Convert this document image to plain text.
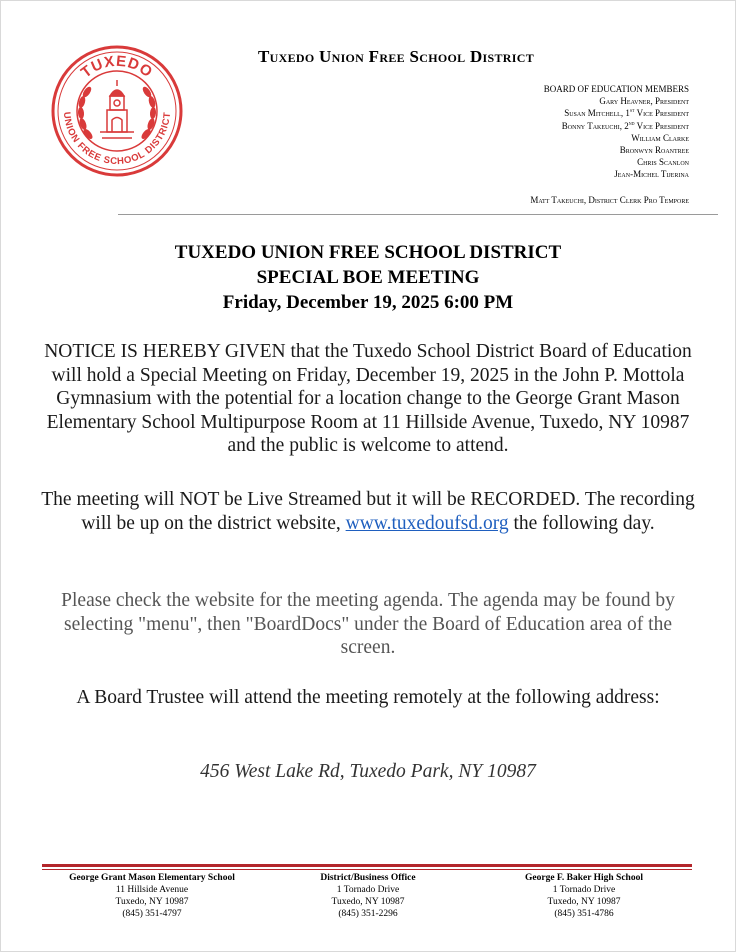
TUXEDO
UNION FREE SCHOOL DISTRICT
Tuxedo Union Free School District
BOARD OF EDUCATION MEMBERS
Gary Heavner, President
Susan Mitchell, 1st Vice President
Bonny Takeuchi, 2nd Vice President
William Clarke
Bronwyn Roantree
Chris Scanlon
Jean-Michel Tijerina
Matt Takeuchi, District Clerk Pro Tempore
TUXEDO UNION FREE SCHOOL DISTRICT
SPECIAL BOE MEETING
Friday, December 19, 2025 6:00 PM
NOTICE IS HEREBY GIVEN that the Tuxedo School District Board of Education will hold a Special Meeting on Friday, December 19, 2025 in the John P. Mottola Gymnasium with the potential for a location change to the George Grant Mason Elementary School Multipurpose Room at 11 Hillside Avenue, Tuxedo, NY 10987 and the public is welcome to attend.
The meeting will NOT be Live Streamed but it will be RECORDED. The recording will be up on the district website, www.tuxedoufsd.org the following day.
Please check the website for the meeting agenda. The agenda may be found by selecting "menu", then "BoardDocs" under the Board of Education area of the screen.
A Board Trustee will attend the meeting remotely at the following address:
456 West Lake Rd, Tuxedo Park, NY 10987
George Grant Mason Elementary School
11 Hillside Avenue
Tuxedo, NY 10987
(845) 351-4797
District/Business Office
1 Tornado Drive
Tuxedo, NY 10987
(845) 351-2296
George F. Baker High School
1 Tornado Drive
Tuxedo, NY 10987
(845) 351-4786
